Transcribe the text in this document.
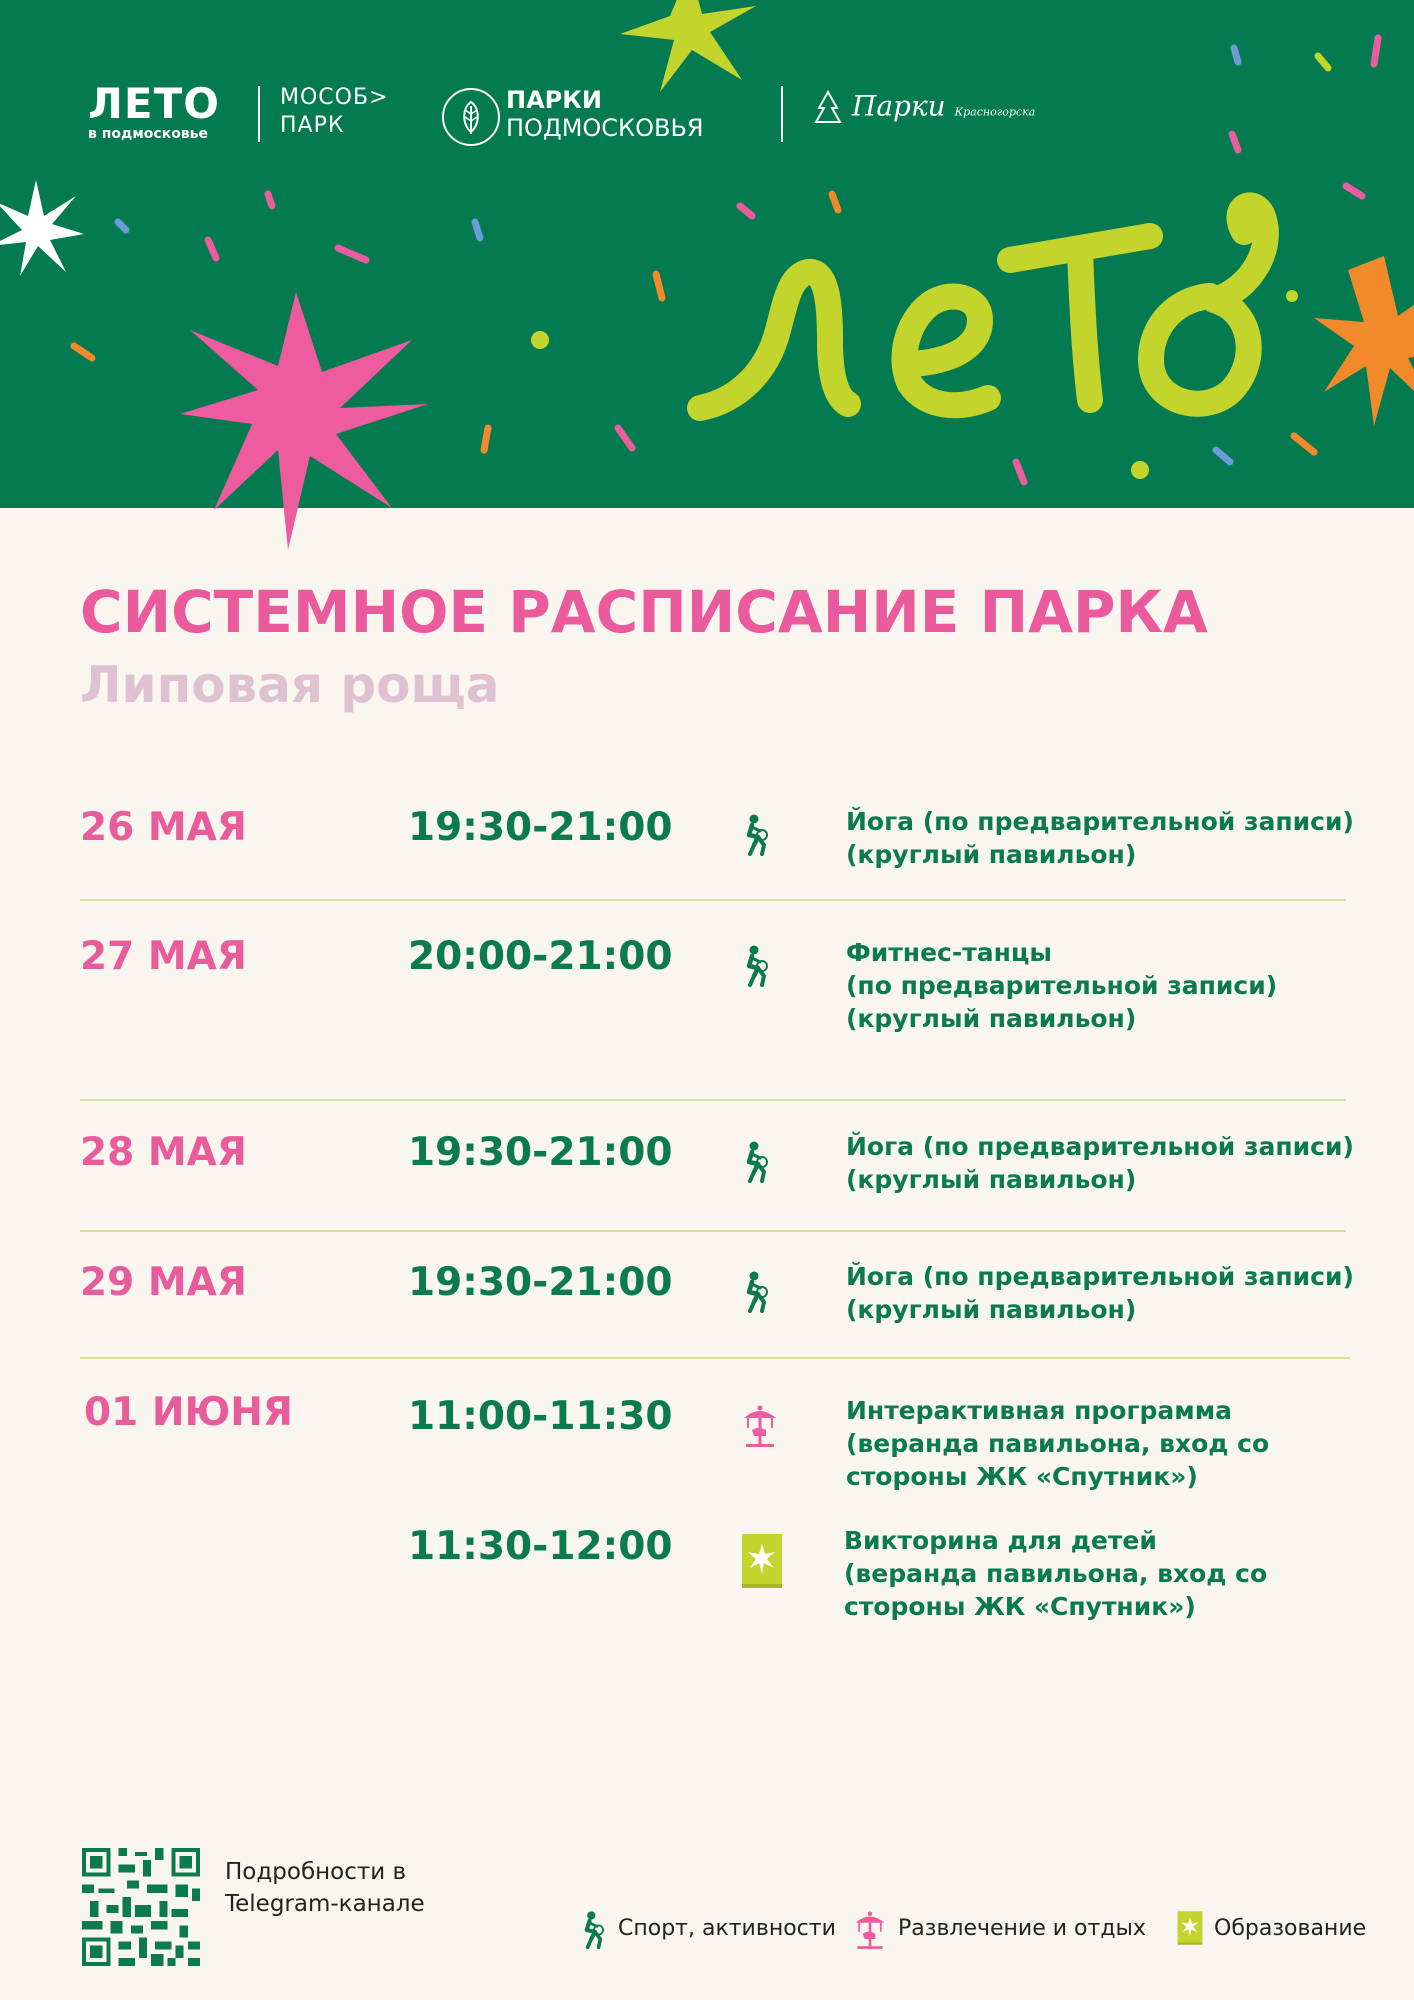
ЛЕТО
в подмосковье
МОСОБ>
ПАРК
ПАРКИ
ПОДМОСКОВЬЯ
Парки Красногорска
СИСТЕМНОЕ РАСПИСАНИЕ ПАРКА
Липовая роща
26 МАЯ	19:30-21:00	Йога (по предварительной записи)
(круглый павильон)
27 МАЯ	20:00-21:00	Фитнес-танцы
(по предварительной записи)
(круглый павильон)
28 МАЯ	19:30-21:00	Йога (по предварительной записи)
(круглый павильон)
29 МАЯ	19:30-21:00	Йога (по предварительной записи)
(круглый павильон)
01 ИЮНЯ	11:00-11:30	Интерактивная программа
(веранда павильона, вход со
стороны ЖК «Спутник»)
11:30-12:00	Викторина для детей
(веранда павильона, вход со
стороны ЖК «Спутник»)
Подробности в
Telegram-канале
Спорт, активности	Развлечение и отдых	Образование
